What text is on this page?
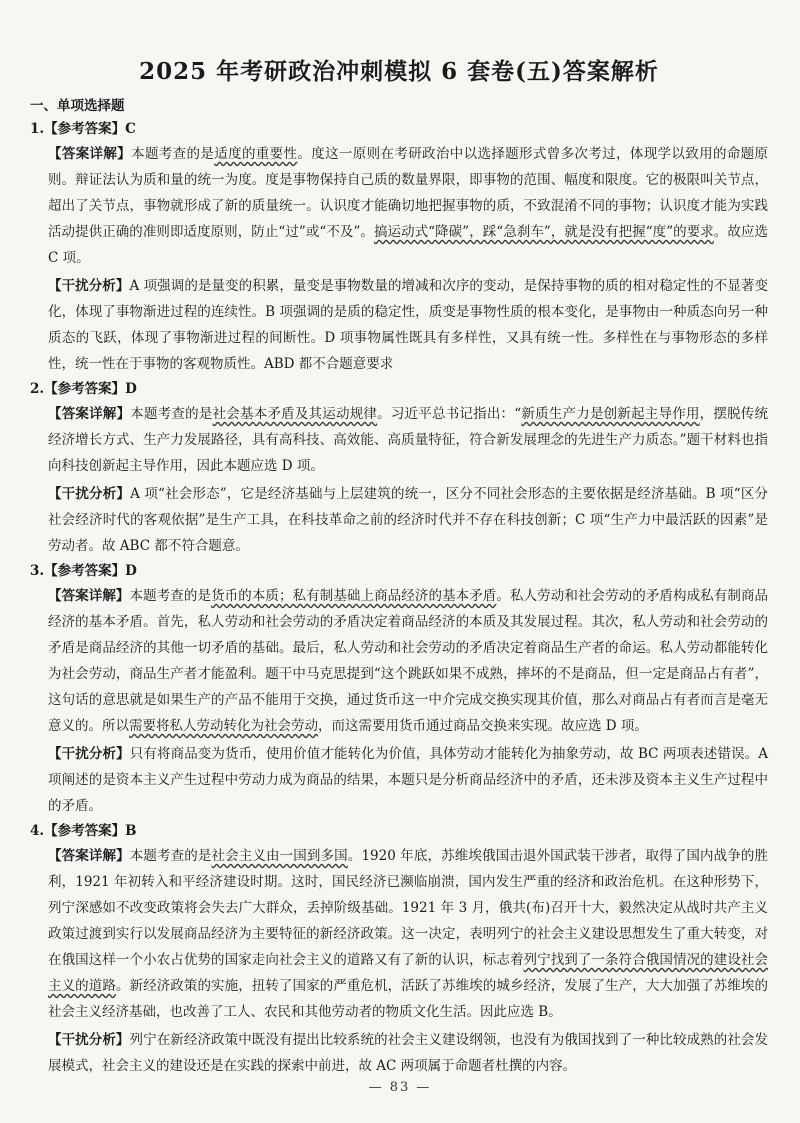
2025 年考研政治冲刺模拟 6 套卷(五)答案解析
一、单项选择题
1.【参考答案】C

【答案详解】本题考查的是适度的重要性。度这一原则在考研政治中以选择题形式曾多次考过，体现学以致用的命题原则。辩证法认为质和量的统一为度。度是事物保持自己质的数量界限，即事物的范围、幅度和限度。它的极限叫关节点，超出了关节点，事物就形成了新的质量统一。认识度才能确切地把握事物的质，不致混淆不同的事物；认识度才能为实践活动提供正确的准则即适度原则，防止“过”或“不及”。搞运动式“降碳”，踩“急刹车”，就是没有把握“度”的要求。故应选 C 项。

【干扰分析】A 项强调的是量变的积累，量变是事物数量的增减和次序的变动，是保持事物的质的相对稳定性的不显著变化，体现了事物渐进过程的连续性。B 项强调的是质的稳定性，质变是事物性质的根本变化，是事物由一种质态向另一种质态的飞跃，体现了事物渐进过程的间断性。D 项事物属性既具有多样性，又具有统一性。多样性在与事物形态的多样性，统一性在于事物的客观物质性。ABD 都不合题意要求

2.【参考答案】D

【答案详解】本题考查的是社会基本矛盾及其运动规律。习近平总书记指出：“新质生产力是创新起主导作用，摆脱传统经济增长方式、生产力发展路径，具有高科技、高效能、高质量特征，符合新发展理念的先进生产力质态。”题干材料也指向科技创新起主导作用，因此本题应选 D 项。

【干扰分析】A 项“社会形态”，它是经济基础与上层建筑的统一，区分不同社会形态的主要依据是经济基础。B 项“区分社会经济时代的客观依据”是生产工具，在科技革命之前的经济时代并不存在科技创新；C 项“生产力中最活跃的因素”是劳动者。故 ABC 都不符合题意。

3.【参考答案】D

【答案详解】本题考查的是货币的本质；私有制基础上商品经济的基本矛盾。私人劳动和社会劳动的矛盾构成私有制商品经济的基本矛盾。首先，私人劳动和社会劳动的矛盾决定着商品经济的本质及其发展过程。其次，私人劳动和社会劳动的矛盾是商品经济的其他一切矛盾的基础。最后，私人劳动和社会劳动的矛盾决定着商品生产者的命运。私人劳动都能转化为社会劳动，商品生产者才能盈利。题干中马克思提到“这个跳跃如果不成熟，摔坏的不是商品，但一定是商品占有者”，这句话的意思就是如果生产的产品不能用于交换，通过货币这一中介完成交换实现其价值，那么对商品占有者而言是毫无意义的。所以需要将私人劳动转化为社会劳动，而这需要用货币通过商品交换来实现。故应选 D 项。

【干扰分析】只有将商品变为货币，使用价值才能转化为价值，具体劳动才能转化为抽象劳动，故 BC 两项表述错误。A 项阐述的是资本主义产生过程中劳动力成为商品的结果，本题只是分析商品经济中的矛盾，还未涉及资本主义生产过程中的矛盾。

4.【参考答案】B

【答案详解】本题考查的是社会主义由一国到多国。1920 年底，苏维埃俄国击退外国武装干涉者，取得了国内战争的胜利，1921 年初转入和平经济建设时期。这时，国民经济已濒临崩溃，国内发生严重的经济和政治危机。在这种形势下，列宁深感如不改变政策将会失去广大群众，丢掉阶级基础。1921 年 3 月，俄共(布)召开十大，毅然决定从战时共产主义政策过渡到实行以发展商品经济为主要特征的新经济政策。这一决定，表明列宁的社会主义建设思想发生了重大转变，对在俄国这样一个小农占优势的国家走向社会主义的道路又有了新的认识，标志着列宁找到了一条符合俄国情况的建设社会主义的道路。新经济政策的实施，扭转了国家的严重危机，活跃了苏维埃的城乡经济，发展了生产，大大加强了苏维埃的社会主义经济基础，也改善了工人、农民和其他劳动者的物质文化生活。因此应选 B。

【干扰分析】列宁在新经济政策中既没有提出比较系统的社会主义建设纲领，也没有为俄国找到了一种比较成熟的社会发展模式，社会主义的建设还是在实践的探索中前进，故 AC 两项属于命题者杜撰的内容。

— 83 —
